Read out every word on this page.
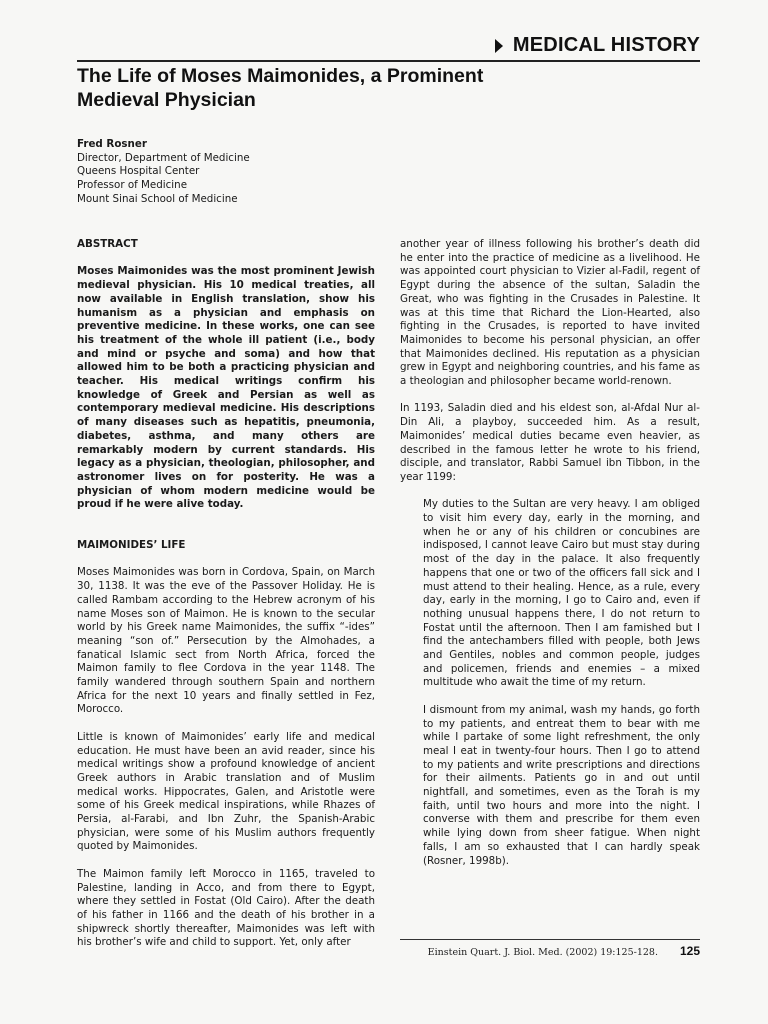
MEDICAL HISTORY
The Life of Moses Maimonides, a Prominent
Medieval Physician
Fred Rosner
Director, Department of Medicine
Queens Hospital Center
Professor of Medicine
Mount Sinai School of Medicine
ABSTRACT

Moses Maimonides was the most prominent Jewish medieval physician. His 10 medical treaties, all now available in English translation, show his humanism as a physician and emphasis on preventive medicine. In these works, one can see his treatment of the whole ill patient (i.e., body and mind or psyche and soma) and how that allowed him to be both a practicing physician and teacher. His medical writings confirm his knowledge of Greek and Persian as well as contemporary medieval medicine. His descriptions of many diseases such as hepatitis, pneumonia, diabetes, asthma, and many others are remarkably modern by current standards. His legacy as a physician, theologian, philosopher, and astronomer lives on for posterity. He was a physician of whom modern medicine would be proud if he were alive today.

MAIMONIDES’ LIFE

Moses Maimonides was born in Cordova, Spain, on March 30, 1138. It was the eve of the Passover Holiday. He is called Rambam according to the Hebrew acronym of his name Moses son of Maimon. He is known to the secular world by his Greek name Maimonides, the suffix “-ides” meaning “son of.” Persecution by the Almohades, a fanatical Islamic sect from North Africa, forced the Maimon family to flee Cordova in the year 1148. The family wandered through southern Spain and northern Africa for the next 10 years and finally settled in Fez, Morocco.

Little is known of Maimonides’ early life and medical education. He must have been an avid reader, since his medical writings show a profound knowledge of ancient Greek authors in Arabic translation and of Muslim medical works. Hippocrates, Galen, and Aristotle were some of his Greek medical inspirations, while Rhazes of Persia, al-Farabi, and Ibn Zuhr, the Spanish-Arabic physician, were some of his Muslim authors frequently quoted by Maimonides.

The Maimon family left Morocco in 1165, traveled to Palestine, landing in Acco, and from there to Egypt, where they settled in Fostat (Old Cairo). After the death of his father in 1166 and the death of his brother in a shipwreck shortly thereafter, Maimonides was left with his brother’s wife and child to support. Yet, only after

another year of illness following his brother’s death did he enter into the practice of medicine as a livelihood. He was appointed court physician to Vizier al-Fadil, regent of Egypt during the absence of the sultan, Saladin the Great, who was fighting in the Crusades in Palestine. It was at this time that Richard the Lion-Hearted, also fighting in the Crusades, is reported to have invited Maimonides to become his personal physician, an offer that Maimonides declined. His reputation as a physician grew in Egypt and neighboring countries, and his fame as a theologian and philosopher became world-renown.

In 1193, Saladin died and his eldest son, al-Afdal Nur al-Din Ali, a playboy, succeeded him. As a result, Maimonides’ medical duties became even heavier, as described in the famous letter he wrote to his friend, disciple, and translator, Rabbi Samuel ibn Tibbon, in the year 1199:

My duties to the Sultan are very heavy. I am obliged to visit him every day, early in the morning, and when he or any of his children or concubines are indisposed, I cannot leave Cairo but must stay during most of the day in the palace. It also frequently happens that one or two of the officers fall sick and I must attend to their healing. Hence, as a rule, every day, early in the morning, I go to Cairo and, even if nothing unusual happens there, I do not return to Fostat until the afternoon. Then I am famished but I find the antechambers filled with people, both Jews and Gentiles, nobles and common people, judges and policemen, friends and enemies – a mixed multitude who await the time of my return.

I dismount from my animal, wash my hands, go forth to my patients, and entreat them to bear with me while I partake of some light refreshment, the only meal I eat in twenty-four hours. Then I go to attend to my patients and write prescriptions and directions for their ailments. Patients go in and out until nightfall, and sometimes, even as the Torah is my faith, until two hours and more into the night. I converse with them and prescribe for them even while lying down from sheer fatigue. When night falls, I am so exhausted that I can hardly speak (Rosner, 1998b).

Einstein Quart. J. Biol. Med. (2002) 19:125-128. 125
